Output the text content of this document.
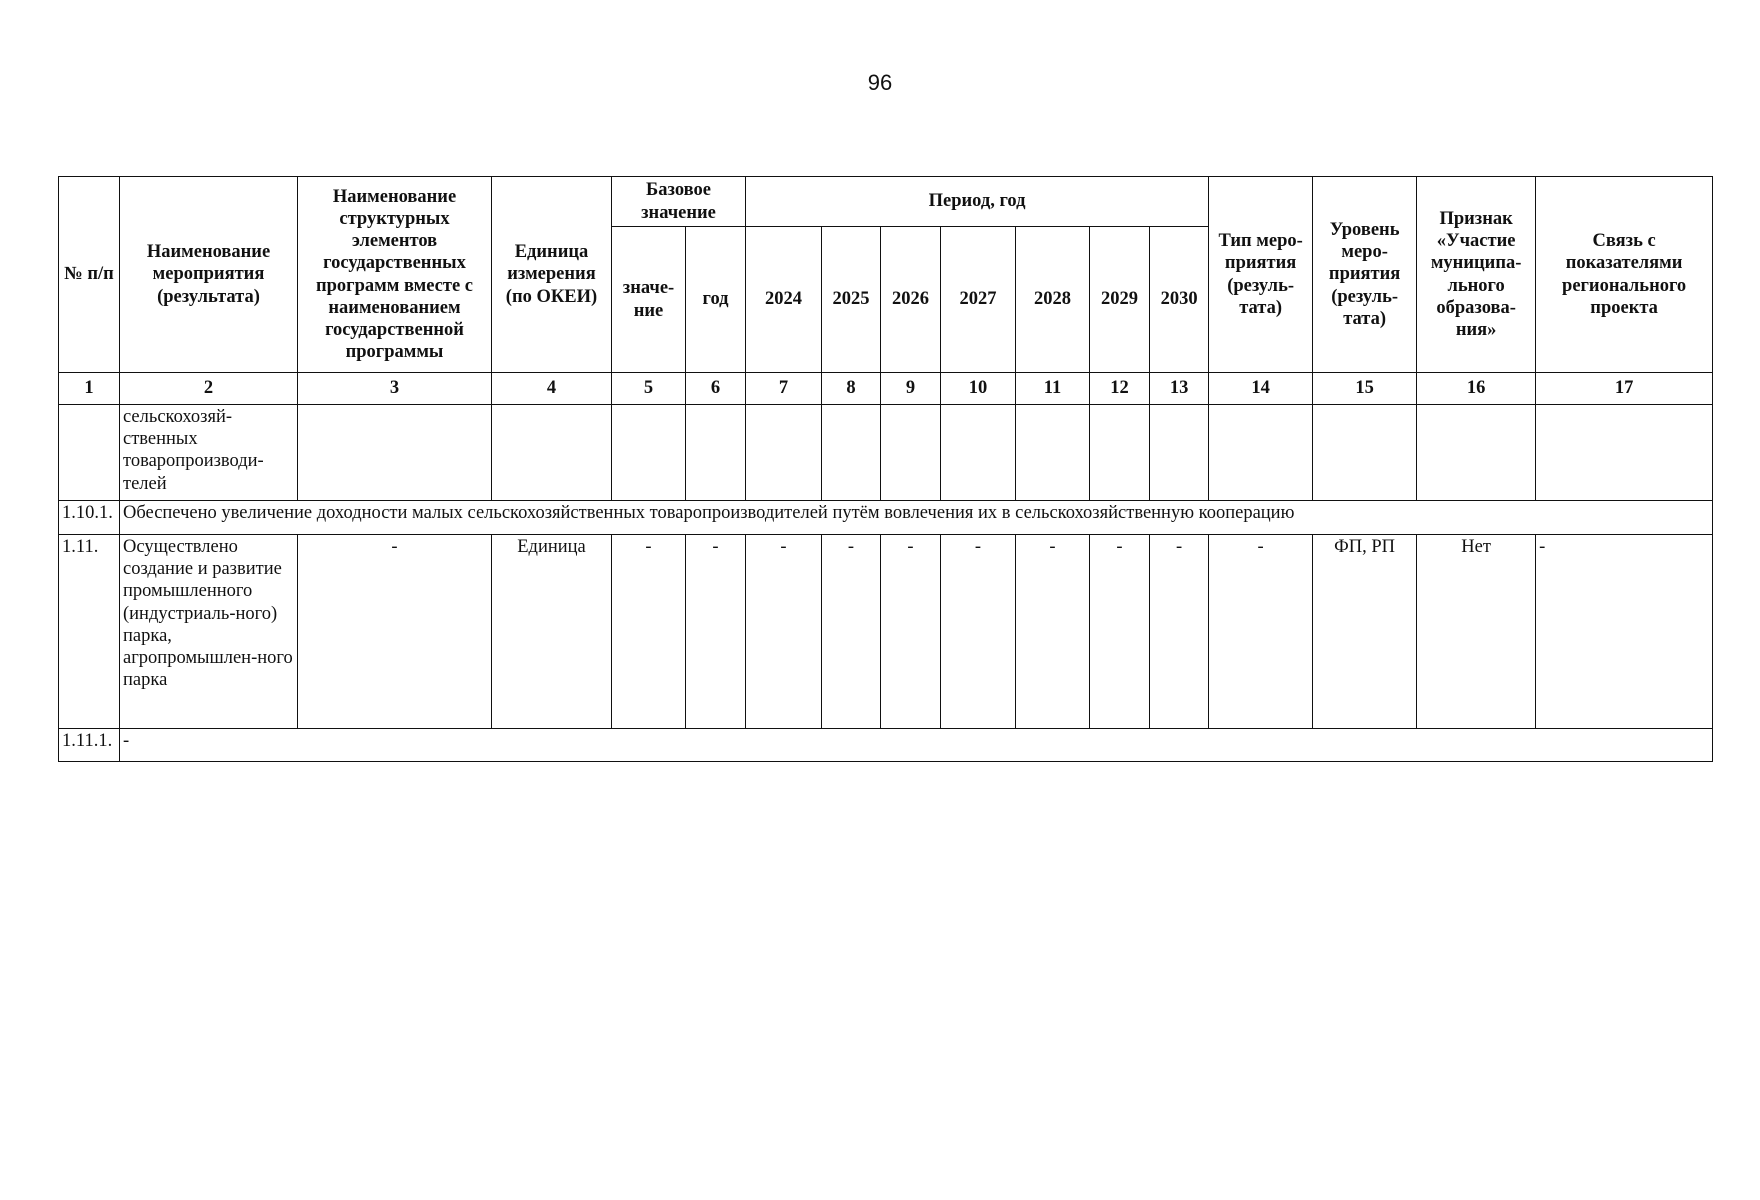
96
№ п/п	Наименование мероприятия (результата)	Наименование структурных элементов государственных программ вместе с наименованием государственной программы	Единица измерения (по ОКЕИ)	Базовое значение		Период, год							Тип меро-приятия (резуль-тата)	Уровень меро-приятия (резуль-тата)	Признак «Участие муниципа-льного образова-ния»	Связь с показателями регионального проекта
				значе-ние	год	2024	2025	2026	2027	2028	2029	2030				
1	2	3	4	5	6	7	8	9	10	11	12	13	14	15	16	17
	сельскохозяй-ственных товаропроизводи-телей															
1.10.1.	Обеспечено увеличение доходности малых сельскохозяйственных товаропроизводителей путём вовлечения их в сельскохозяйственную кооперацию															
1.11.	Осуществлено создание и развитие промышленного (индустриаль-ного) парка, агропромышлен-ного парка	-	Единица	-	-	-	-	-	-	-	-	-	-	ФП, РП	Нет	-
1.11.1.	-															
